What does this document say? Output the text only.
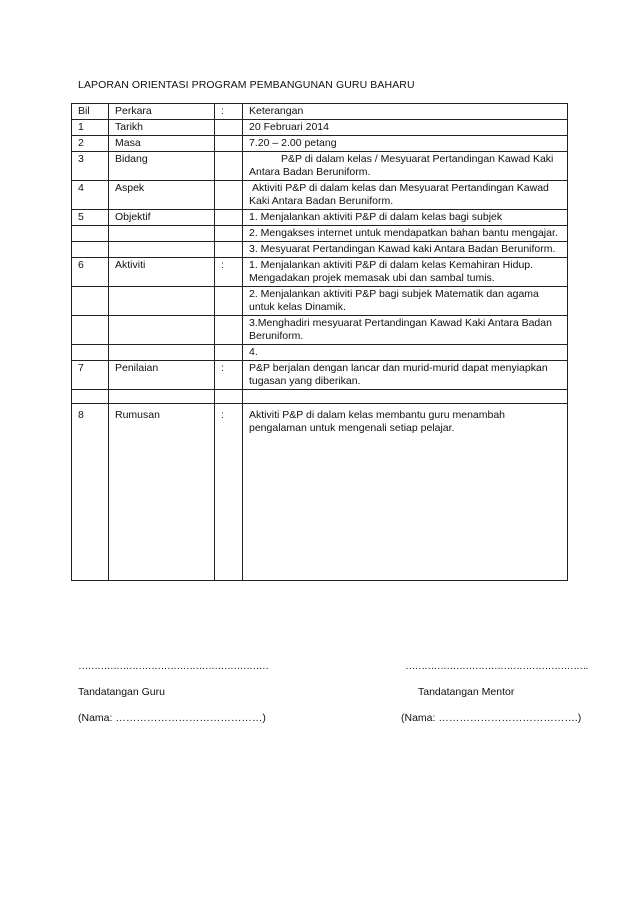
LAPORAN ORIENTASI PROGRAM PEMBANGUNAN GURU BAHARU
Bil	Perkara	:	Keterangan
1	Tarikh		20 Februari 2014
2	Masa		7.20 – 2.00 petang
3	Bidang		P&P di dalam kelas / Mesyuarat Pertandingan Kawad Kaki
Antara Badan Beruniform.

4	Aspek		Aktiviti P&P di dalam kelas dan Mesyuarat Pertandingan Kawad
Kaki Antara Badan Beruniform.

5	Objektif		1. Menjalankan aktiviti P&P di dalam kelas bagi subjek
			2. Mengakses internet untuk mendapatkan bahan bantu mengajar.
			3. Mesyuarat Pertandingan Kawad kaki Antara Badan Beruniform.
6	Aktiviti	:	1. Menjalankan aktiviti P&P di dalam kelas Kemahiran Hidup. Mengadakan projek memasak ubi dan sambal tumis.
			2. Menjalankan aktiviti P&P bagi subjek Matematik dan agama untuk kelas Dinamik.
			3.Menghadiri mesyuarat Pertandingan Kawad Kaki Antara Badan Beruniform.
			4.
7	Penilaian	:	P&P berjalan dengan lancar dan murid-murid dapat menyiapkan tugasan yang diberikan.

8	Rumusan	:	Aktiviti P&P di dalam kelas membantu guru menambah pengalaman untuk mengenali setiap pelajar.
……………………………………………………	………………………………………………….
Tandatangan Guru	Tandatangan Mentor
(Nama: ……………………………………)	(Nama: ………………………………….)
